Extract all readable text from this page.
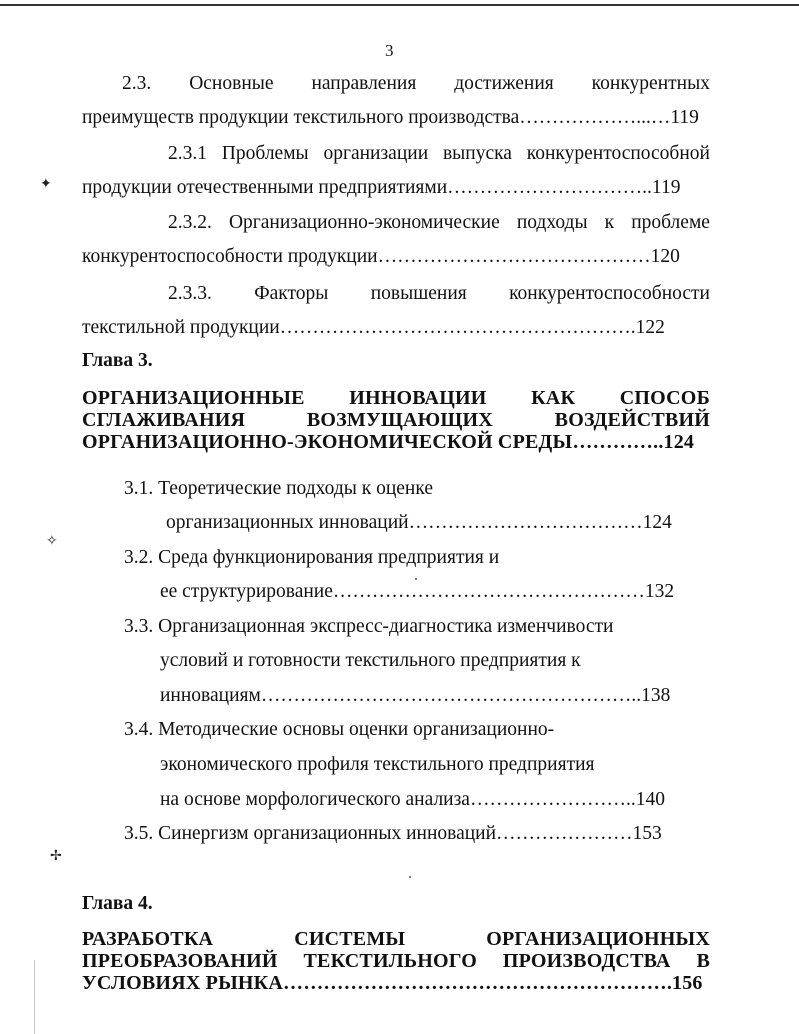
✦
✧
✢
3
2.3. Основные направления достижения конкурентных
преимуществ продукции текстильного производства………………...…119
2.3.1 Проблемы организации выпуска конкурентоспособной
продукции отечественными предприятиями…………………………..119
2.3.2. Организационно-экономические подходы к проблеме
конкурентоспособности продукции……………………………………120
2.3.3. Факторы повышения конкурентоспособности
текстильной продукции……………………………………………….122
Глава 3.
ОРГАНИЗАЦИОННЫЕ ИННОВАЦИИ КАК СПОСОБ
СГЛАЖИВАНИЯ	ВОЗМУЩАЮЩИХ	ВОЗДЕЙСТВИЙ
ОРГАНИЗАЦИОННО-ЭКОНОМИЧЕСКОЙ СРЕДЫ…………..124
3.1. Теоретические подходы к оценке
организационных инноваций………………………………124
3.2. Среда функционирования предприятия и
ее структурирование…………………………………………132
3.3. Организационная экспресс-диагностика изменчивости
условий и готовности текстильного предприятия к
инновациям…………………………………………………..138
3.4. Методические основы оценки организационно-
экономического профиля текстильного предприятия
на основе морфологического анализа……………………..140
3.5. Синергизм организационных инноваций…………………153
Глава 4.
РАЗРАБОТКА	СИСТЕМЫ	ОРГАНИЗАЦИОННЫХ
ПРЕОБРАЗОВАНИЙ ТЕКСТИЛЬНОГО ПРОИЗВОДСТВА В
УСЛОВИЯХ РЫНКА………………………………………………….156
